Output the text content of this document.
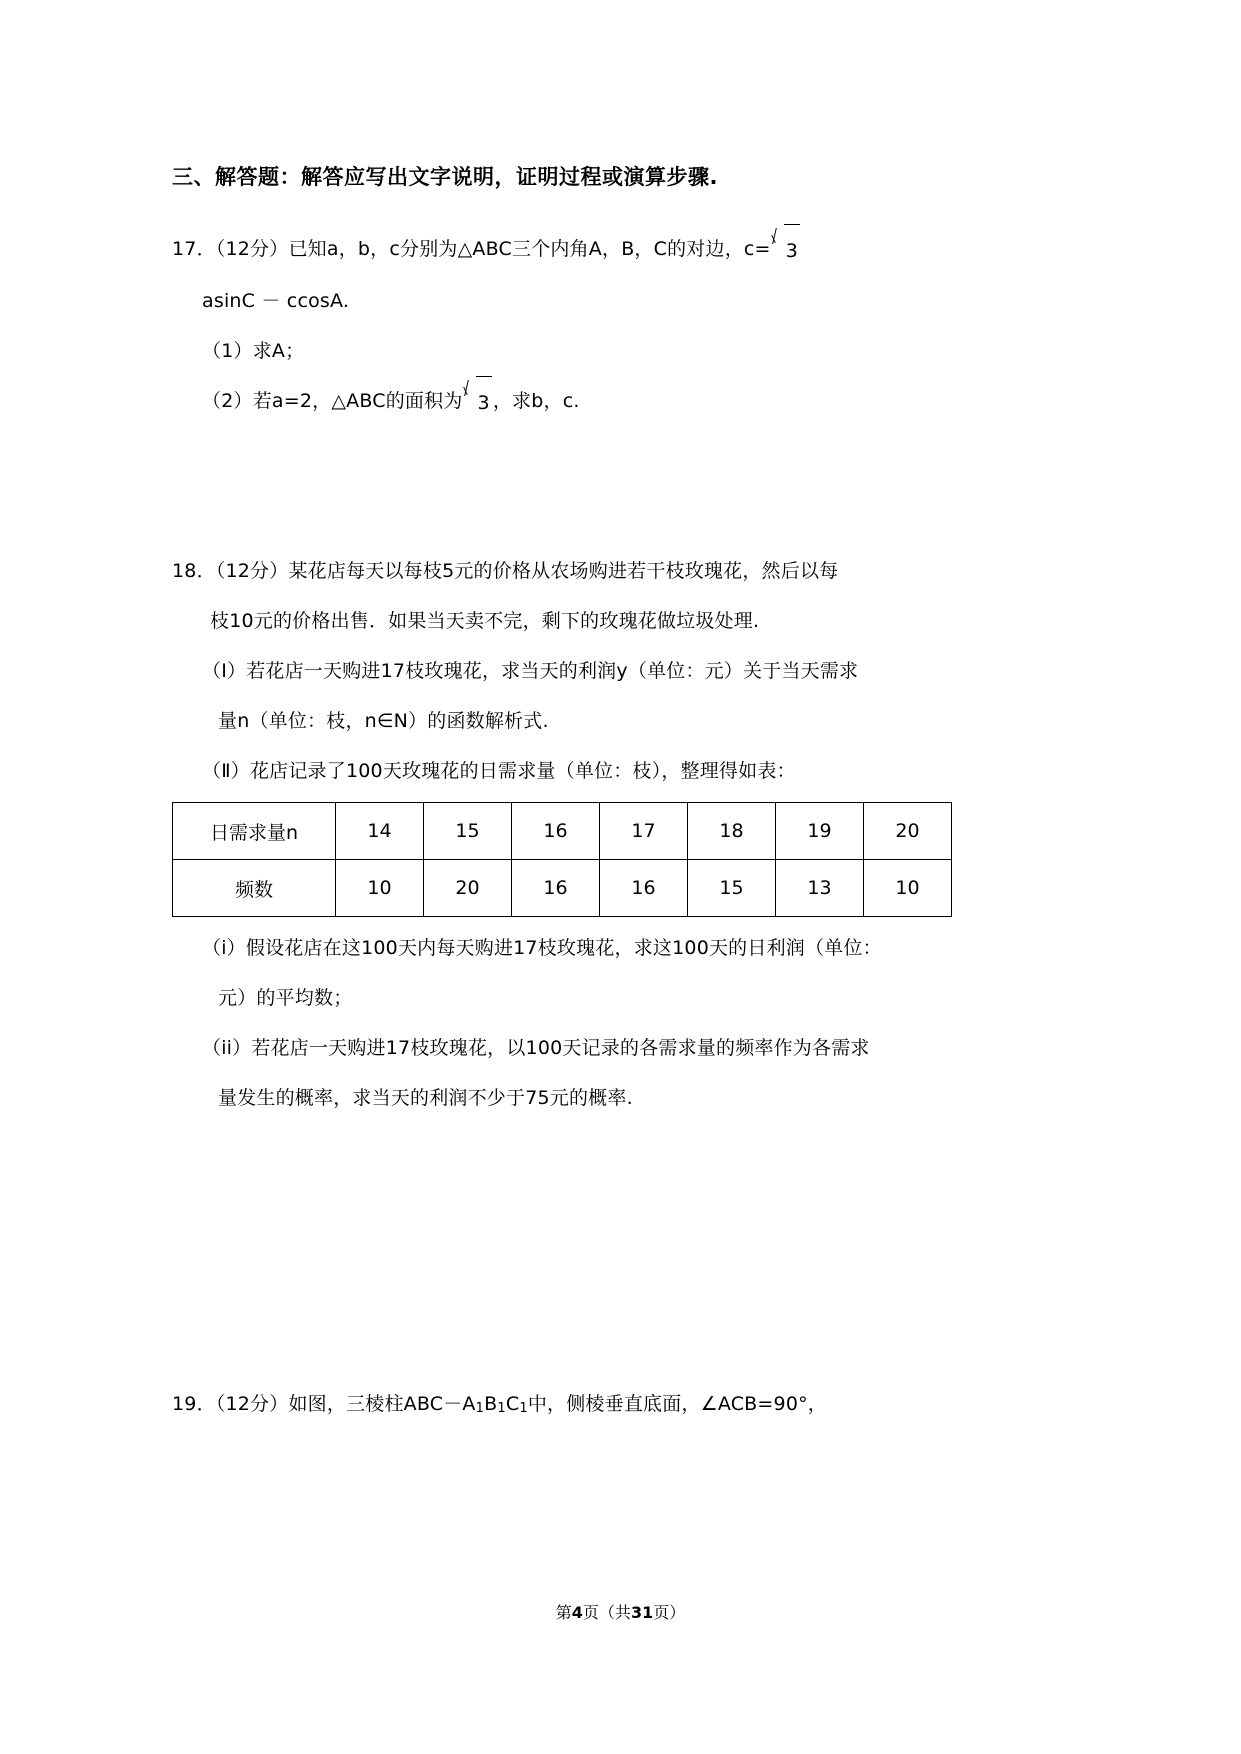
三、解答题：解答应写出文字说明，证明过程或演算步骤.
17．（12分）已知a，b，c分别为△ABC三个内角A，B，C的对边，c= 3
asinC － ccosA.
（1）求A；
（2）若a=2，△ABC的面积为 3 ，求b，c.
18．（12分）某花店每天以每枝5元的价格从农场购进若干枝玫瑰花，然后以每
枝10元的价格出售．如果当天卖不完，剩下的玫瑰花做垃圾处理.
（Ⅰ）若花店一天购进17枝玫瑰花，求当天的利润y（单位：元）关于当天需求
量n（单位：枝，n∈N）的函数解析式.
（Ⅱ）花店记录了100天玫瑰花的日需求量（单位：枝），整理得如表：
日需求量n	14	15	16	17	18	19	20
频数	10	20	16	16	15	13	10
（i）假设花店在这100天内每天购进17枝玫瑰花，求这100天的日利润（单位：
元）的平均数；
（ii）若花店一天购进17枝玫瑰花，以100天记录的各需求量的频率作为各需求
量发生的概率，求当天的利润不少于75元的概率.
19．（12分）如图，三棱柱ABC－A1B1C1中，侧棱垂直底面，∠ACB=90°，
第4页（共31页）
